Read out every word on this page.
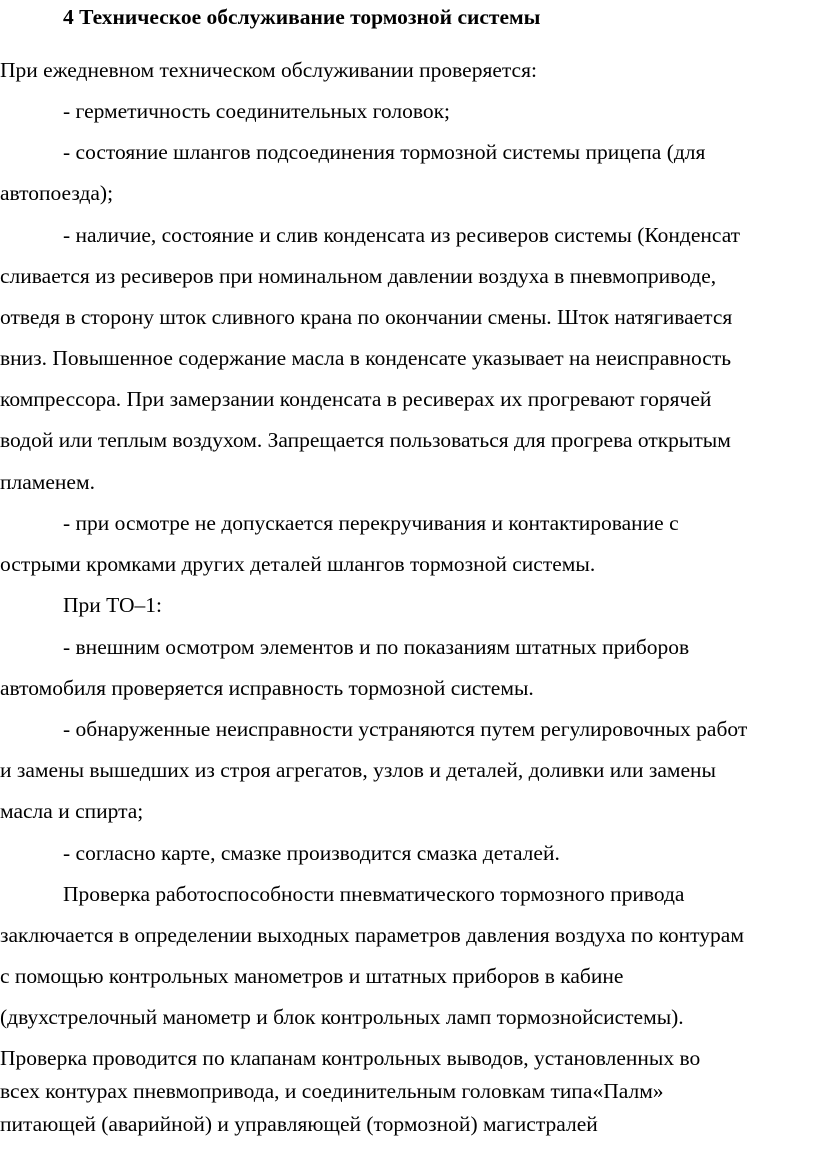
4 Техническое обслуживание тормозной системы
При ежедневном техническом обслуживании проверяется:
- герметичность соединительных головок;
- состояние шлангов подсоединения тормозной системы прицепа (для
автопоезда);
- наличие, состояние и слив конденсата из ресиверов системы (Конденсат
сливается из ресиверов при номинальном давлении воздуха в пневмоприводе,
отведя в сторону шток сливного крана по окончании смены. Шток натягивается
вниз. Повышенное содержание масла в конденсате указывает на неисправность
компрессора. При замерзании конденсата в ресиверах их прогревают горячей
водой или теплым воздухом. Запрещается пользоваться для прогрева открытым
пламенем.
- при осмотре не допускается перекручивания и контактирование с
острыми кромками других деталей шлангов тормозной системы.
При ТО–1:
- внешним осмотром элементов и по показаниям штатных приборов
автомобиля проверяется исправность тормозной системы.
- обнаруженные неисправности устраняются путем регулировочных работ
и замены вышедших из строя агрегатов, узлов и деталей, доливки или замены
масла и спирта;
- согласно карте, смазке производится смазка деталей.
Проверка работоспособности пневматического тормозного привода
заключается в определении выходных параметров давления воздуха по контурам
с помощью контрольных манометров и штатных приборов в кабине
(двухстрелочный манометр и блок контрольных ламп тормознойсистемы).
Проверка проводится по клапанам контрольных выводов, установленных во
всех контурах пневмопривода, и соединительным головкам типа«Палм»
питающей (аварийной) и управляющей (тормозной) магистралей
